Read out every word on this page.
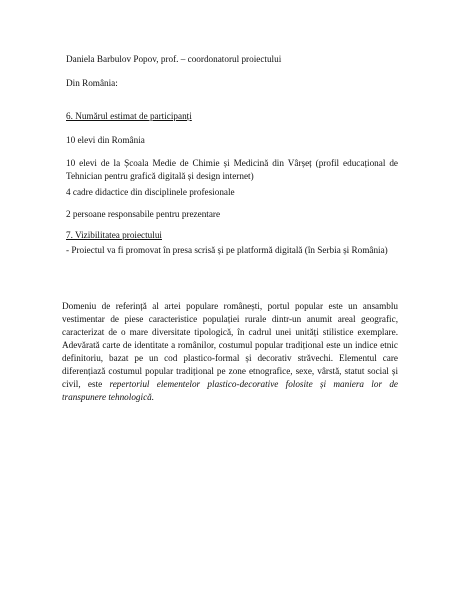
Daniela Barbulov Popov, prof. – coordonatorul proiectului

Din România:

6. Numărul estimat de participanți

10 elevi din România

10 elevi de la Școala Medie de Chimie și Medicină din Vârșeț (profil educațional de Tehnician pentru grafică digitală și design internet)

4 cadre didactice din disciplinele profesionale

2 persoane responsabile pentru prezentare

7. Vizibilitatea proiectului

- Proiectul va fi promovat în presa scrisă și pe platformă digitală (în Serbia și România)

Domeniu de referință al artei populare românești, portul popular este un ansamblu vestimentar de piese caracteristice populației rurale dintr-un anumit areal geografic, caracterizat de o mare diversitate tipologică, în cadrul unei unități stilistice exemplare. Adevărată carte de identitate a românilor, costumul popular tradițional este un indice etnic definitoriu, bazat pe un cod plastico-formal și decorativ străvechi. Elementul care diferențiază costumul popular tradițional pe zone etnografice, sexe, vârstă, statut social și civil, este repertoriul elementelor plastico-decorative folosite și maniera lor de transpunere tehnologică.
